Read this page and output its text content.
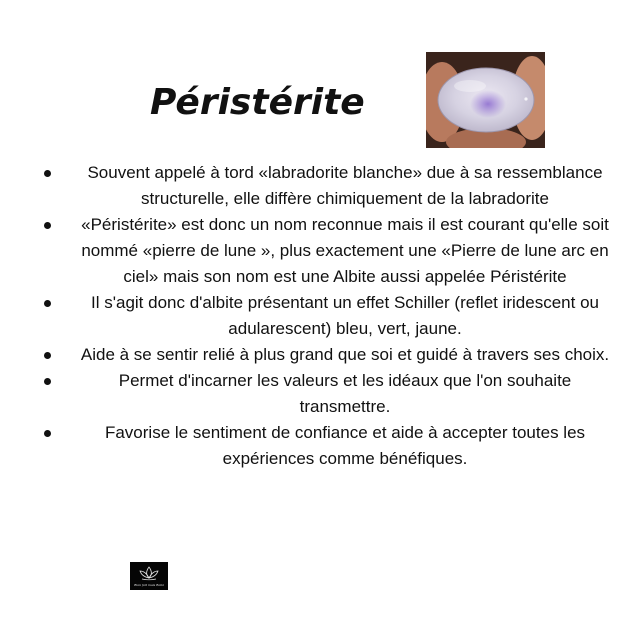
Péristérite
Souvent appelé à tord «labradorite blanche» due à sa ressemblance structurelle, elle diffère chimiquement de la labradorite
«Péristérite» est donc un nom reconnue mais il est courant qu'elle soit nommé «pierre de lune », plus exactement une «Pierre de lune arc en ciel» mais son nom est une Albite aussi appelée Péristérite
Il s'agit donc d'albite présentant un effet Schiller (reflet iridescent ou adularescent) bleu, vert, jaune.
Aide à se sentir relié à plus grand que soi et guidé à travers ses choix.
Permet d'incarner les valeurs et les idéaux que l'on souhaite transmettre.
Favorise le sentiment de confiance et aide à accepter toutes les expériences comme bénéfiques.
Rien fait mais Reiki
